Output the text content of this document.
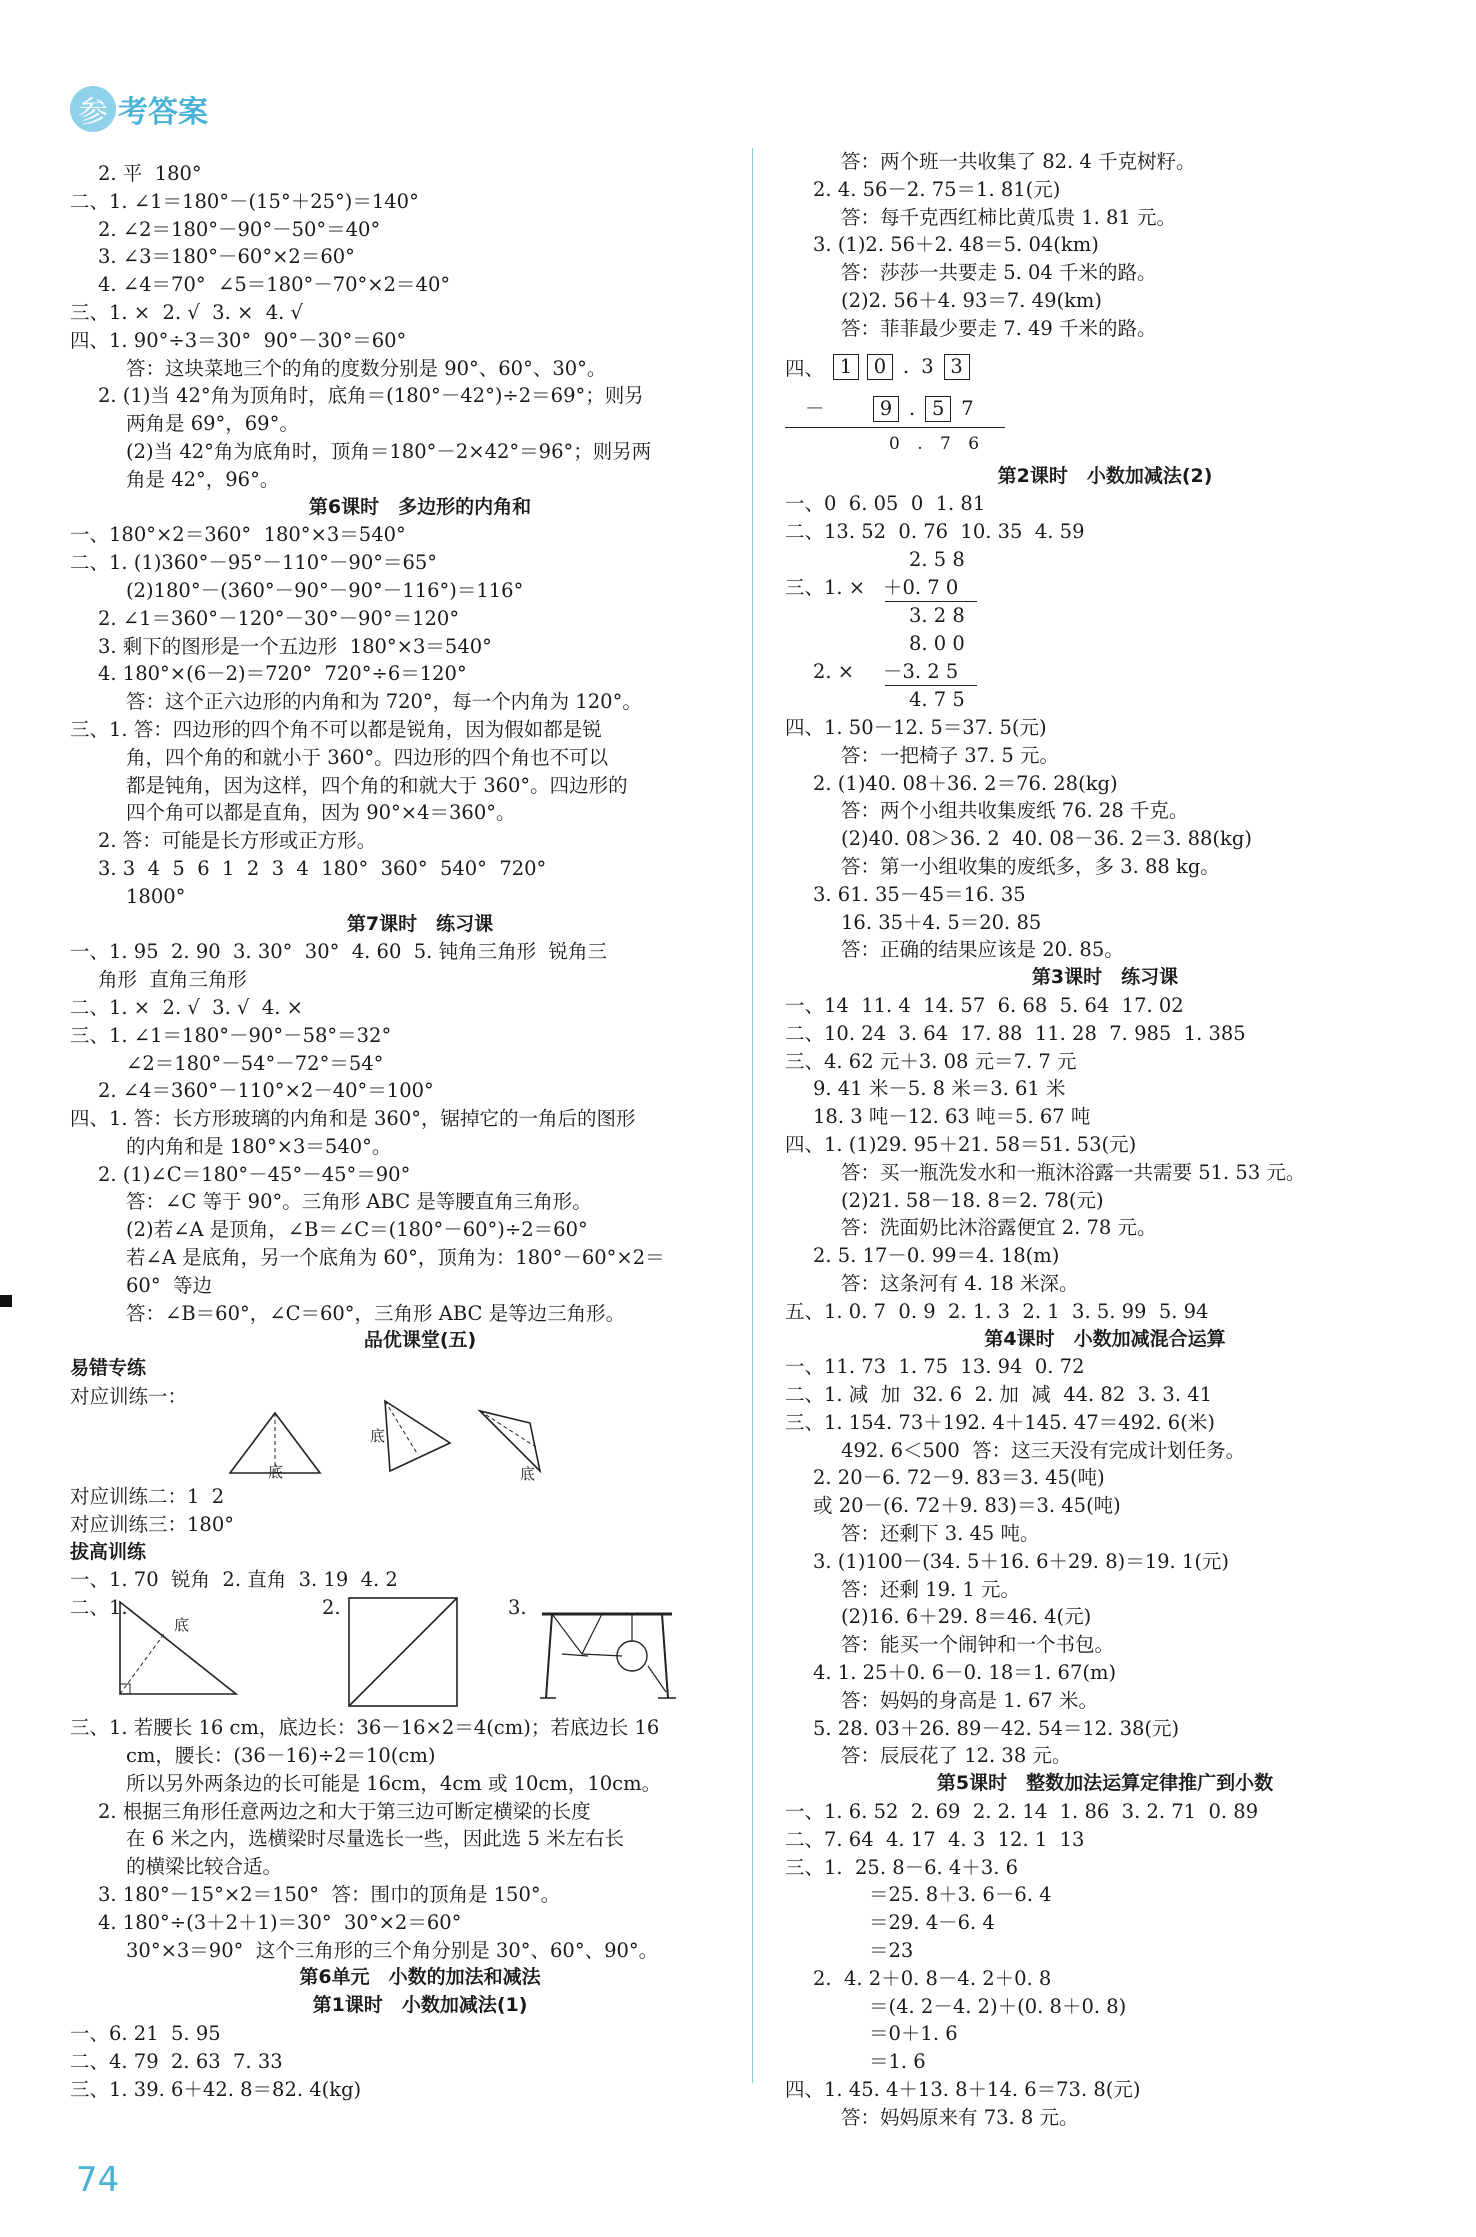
参 考答案
2. 平  180°
二、1. ∠1＝180°－(15°＋25°)＝140°
2. ∠2＝180°－90°－50°＝40°
3. ∠3＝180°－60°×2＝60°
4. ∠4＝70°  ∠5＝180°－70°×2＝40°
三、1. ×  2. √  3. ×  4. √
四、1. 90°÷3＝30°  90°－30°＝60°
答：这块菜地三个的角的度数分别是 90°、60°、30°。
2. (1)当 42°角为顶角时，底角＝(180°－42°)÷2＝69°；则另
两角是 69°，69°。
(2)当 42°角为底角时，顶角＝180°－2×42°＝96°；则另两
角是 42°，96°。
第6课时　多边形的内角和
一、180°×2＝360°  180°×3＝540°
二、1. (1)360°－95°－110°－90°＝65°
(2)180°－(360°－90°－90°－116°)＝116°
2. ∠1＝360°－120°－30°－90°＝120°
3. 剩下的图形是一个五边形  180°×3＝540°
4. 180°×(6－2)＝720°  720°÷6＝120°
答：这个正六边形的内角和为 720°，每一个内角为 120°。
三、1. 答：四边形的四个角不可以都是锐角，因为假如都是锐
角，四个角的和就小于 360°。四边形的四个角也不可以
都是钝角，因为这样，四个角的和就大于 360°。四边形的
四个角可以都是直角，因为 90°×4＝360°。
2. 答：可能是长方形或正方形。
3. 3  4  5  6  1  2  3  4  180°  360°  540°  720°
1800°
第7课时　练习课
一、1. 95  2. 90  3. 30°  30°  4. 60  5. 钝角三角形  锐角三
角形  直角三角形
二、1. ×  2. √  3. √  4. ×
三、1. ∠1＝180°－90°－58°＝32°
∠2＝180°－54°－72°＝54°
2. ∠4＝360°－110°×2－40°＝100°
四、1. 答：长方形玻璃的内角和是 360°，锯掉它的一角后的图形
的内角和是 180°×3＝540°。
2. (1)∠C＝180°－45°－45°＝90°
答：∠C 等于 90°。三角形 ABC 是等腰直角三角形。
(2)若∠A 是顶角，∠B＝∠C＝(180°－60°)÷2＝60°
若∠A 是底角，另一个底角为 60°，顶角为：180°－60°×2＝
60°  等边
答：∠B＝60°，∠C＝60°，三角形 ABC 是等边三角形。
品优课堂(五)
易错专练
对应训练一：
底
底
底
对应训练二：1  2
对应训练三：180°
拔高训练
一、1. 70  锐角  2. 直角  3. 19  4. 2
二、1.
底
2.	3.
三、1. 若腰长 16 cm，底边长：36－16×2＝4(cm)；若底边长 16
cm，腰长：(36－16)÷2＝10(cm)
所以另外两条边的长可能是 16cm，4cm 或 10cm，10cm。
2. 根据三角形任意两边之和大于第三边可断定横梁的长度
在 6 米之内，选横梁时尽量选长一些，因此选 5 米左右长
的横梁比较合适。
3. 180°－15°×2＝150°  答：围巾的顶角是 150°。
4. 180°÷(3＋2＋1)＝30°  30°×2＝60°
30°×3＝90°  这个三角形的三个角分别是 30°、60°、90°。
第6单元　小数的加法和减法
第1课时　小数加减法(1)
一、6. 21  5. 95
二、4. 79  2. 63  7. 33
三、1. 39. 6＋42. 8＝82. 4(kg)
答：两个班一共收集了 82. 4 千克树籽。
2. 4. 56－2. 75＝1. 81(元)
答：每千克西红柿比黄瓜贵 1. 81 元。
3. (1)2. 56＋2. 48＝5. 04(km)
答：莎莎一共要走 5. 04 千米的路。
(2)2. 56＋4. 93＝7. 49(km)
答：菲菲最少要走 7. 49 千米的路。
四、 1 0 . 3 3
－	9 . 5 7
0 . 7 6
第2课时　小数加减法(2)
一、0  6. 05  0  1. 81
二、13. 52  0. 76  10. 35  4. 59
三、1. ×
2. 5 8
＋0. 7 0
3. 2 8
2. ×
8. 0 0
－3. 2 5
4. 7 5
四、1. 50－12. 5＝37. 5(元)
答：一把椅子 37. 5 元。
2. (1)40. 08＋36. 2＝76. 28(kg)
答：两个小组共收集废纸 76. 28 千克。
(2)40. 08＞36. 2  40. 08－36. 2＝3. 88(kg)
答：第一小组收集的废纸多，多 3. 88 kg。
3. 61. 35－45＝16. 35
16. 35＋4. 5＝20. 85
答：正确的结果应该是 20. 85。
第3课时　练习课
一、14  11. 4  14. 57  6. 68  5. 64  17. 02
二、10. 24  3. 64  17. 88  11. 28  7. 985  1. 385
三、4. 62 元＋3. 08 元＝7. 7 元
9. 41 米－5. 8 米＝3. 61 米
18. 3 吨－12. 63 吨＝5. 67 吨
四、1. (1)29. 95＋21. 58＝51. 53(元)
答：买一瓶洗发水和一瓶沐浴露一共需要 51. 53 元。
(2)21. 58－18. 8＝2. 78(元)
答：洗面奶比沐浴露便宜 2. 78 元。
2. 5. 17－0. 99＝4. 18(m)
答：这条河有 4. 18 米深。
五、1. 0. 7  0. 9  2. 1. 3  2. 1  3. 5. 99  5. 94
第4课时　小数加减混合运算
一、11. 73  1. 75  13. 94  0. 72
二、1. 减  加  32. 6  2. 加  减  44. 82  3. 3. 41
三、1. 154. 73＋192. 4＋145. 47＝492. 6(米)
492. 6＜500  答：这三天没有完成计划任务。
2. 20－6. 72－9. 83＝3. 45(吨)
或 20－(6. 72＋9. 83)＝3. 45(吨)
答：还剩下 3. 45 吨。
3. (1)100－(34. 5＋16. 6＋29. 8)＝19. 1(元)
答：还剩 19. 1 元。
(2)16. 6＋29. 8＝46. 4(元)
答：能买一个闹钟和一个书包。
4. 1. 25＋0. 6－0. 18＝1. 67(m)
答：妈妈的身高是 1. 67 米。
5. 28. 03＋26. 89－42. 54＝12. 38(元)
答：辰辰花了 12. 38 元。
第5课时　整数加法运算定律推广到小数
一、1. 6. 52  2. 69  2. 2. 14  1. 86  3. 2. 71  0. 89
二、7. 64  4. 17  4. 3  12. 1  13
三、1.  25. 8－6. 4＋3. 6
＝25. 8＋3. 6－6. 4
＝29. 4－6. 4
＝23
2.  4. 2＋0. 8－4. 2＋0. 8
＝(4. 2－4. 2)＋(0. 8＋0. 8)
＝0＋1. 6
＝1. 6
四、1. 45. 4＋13. 8＋14. 6＝73. 8(元)
答：妈妈原来有 73. 8 元。
74
